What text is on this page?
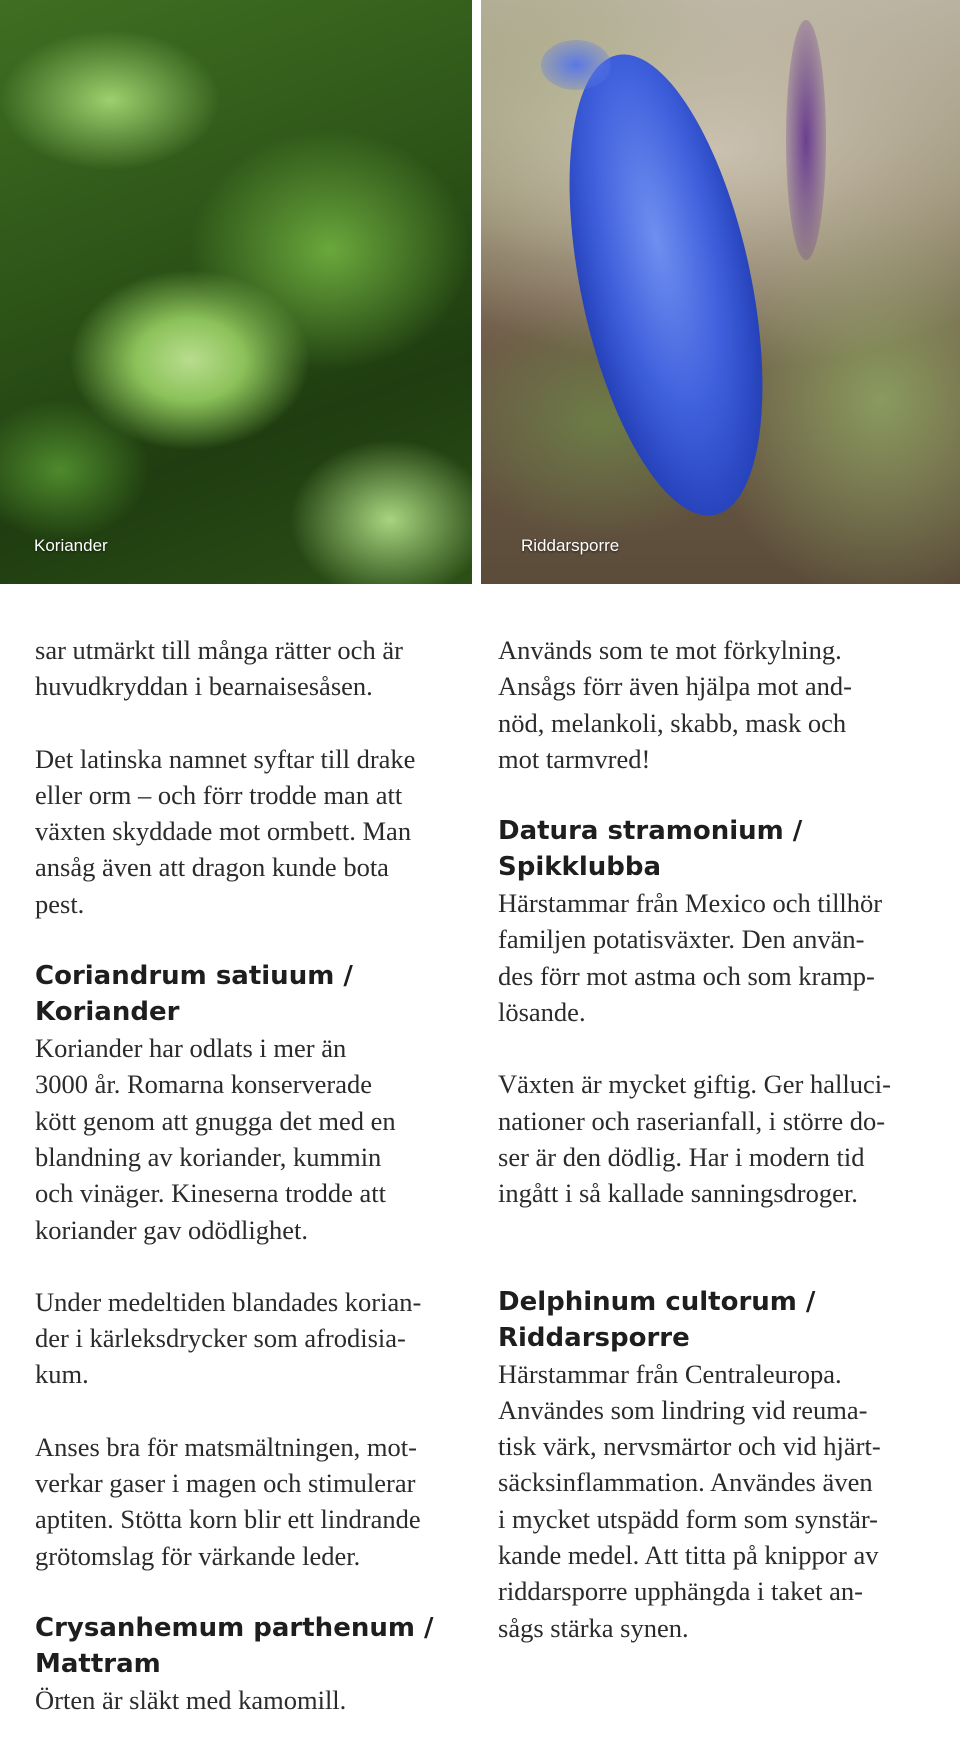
Koriander	Riddarsporre

sar utmärkt till många rätter och är
huvudkryddan i bearnaisesåsen.

Det latinska namnet syftar till drake
eller orm – och förr trodde man att
växten skyddade mot ormbett. Man
ansåg även att dragon kunde bota
pest.

Coriandrum satiuum /
Koriander

Koriander har odlats i mer än
3000 år. Romarna konserverade
kött genom att gnugga det med en
blandning av koriander, kummin
och vinäger. Kineserna trodde att
koriander gav odödlighet.

Under medeltiden blandades korian-
der i kärleksdrycker som afrodisia-
kum.

Anses bra för matsmältningen, mot-
verkar gaser i magen och stimulerar
aptiten. Stötta korn blir ett lindrande
grötomslag för värkande leder.

Crysanhemum parthenum /
Mattram

Örten är släkt med kamomill.

Används som te mot förkylning.
Ansågs förr även hjälpa mot and-
nöd, melankoli, skabb, mask och
mot tarmvred!

Datura stramonium /
Spikklubba

Härstammar från Mexico och tillhör
familjen potatisväxter. Den använ-
des förr mot astma och som kramp-
lösande.

Växten är mycket giftig. Ger halluci-
nationer och raserianfall, i större do-
ser är den dödlig. Har i modern tid
ingått i så kallade sanningsdroger.

Delphinum cultorum /
Riddarsporre

Härstammar från Centraleuropa.
Användes som lindring vid reuma-
tisk värk, nervsmärtor och vid hjärt-
säcksinflammation. Användes även
i mycket utspädd form som synstär-
kande medel. Att titta på knippor av
riddarsporre upphängda i taket an-
sågs stärka synen.
